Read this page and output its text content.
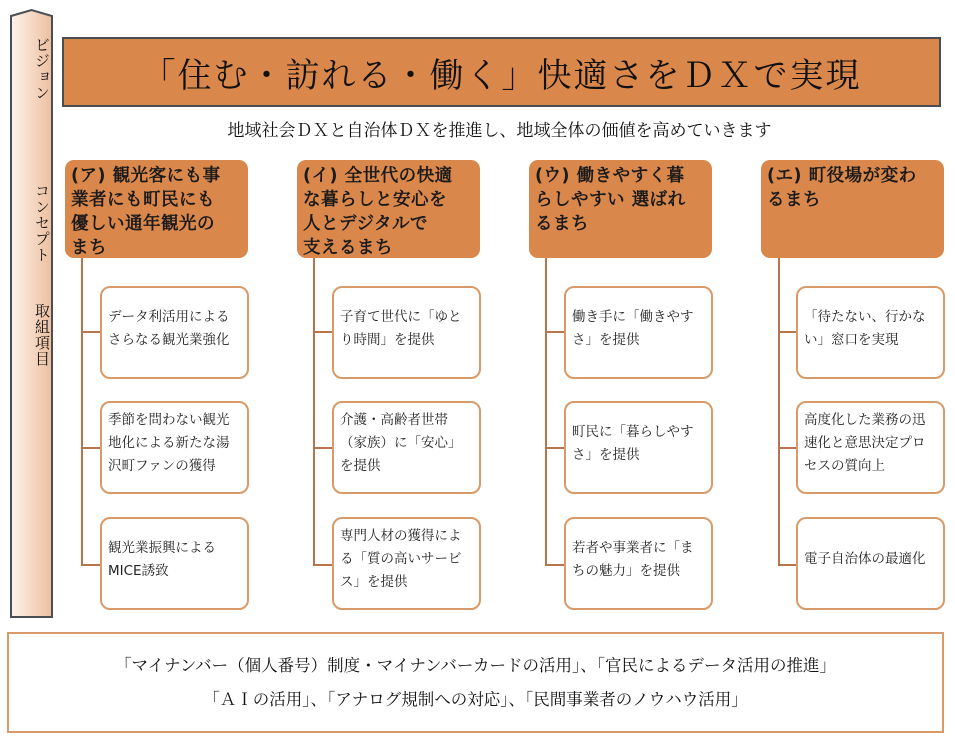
ビジョン
コンセプト
取組項目
「住む・訪れる・働く」快適さをＤＸで実現
地域社会ＤＸと自治体ＤＸを推進し、地域全体の価値を高めていきます
(ア) 観光客にも事
業者にも町民にも
優しい通年観光の
まち
データ利活用によるさらなる観光業強化
季節を問わない観光地化による新たな湯沢町ファンの獲得
観光業振興によるMICE誘致
(イ) 全世代の快適
な暮らしと安心を
人とデジタルで
支えるまち
子育て世代に「ゆとり時間」を提供
介護・高齢者世帯（家族）に「安心」を提供
専門人材の獲得による「質の高いサービス」を提供
(ウ) 働きやすく暮
らしやすい 選ばれ
るまち
働き手に「働きやすさ」を提供
町民に「暮らしやすさ」を提供
若者や事業者に「まちの魅力」を提供
(エ) 町役場が変わ
るまち
「待たない、行かない」窓口を実現
高度化した業務の迅速化と意思決定プロセスの質向上
電子自治体の最適化
「マイナンバー（個人番号）制度・マイナンバーカードの活用」、「官民によるデータ活用の推進」
「ＡＩの活用」、「アナログ規制への対応」、「民間事業者のノウハウ活用」
